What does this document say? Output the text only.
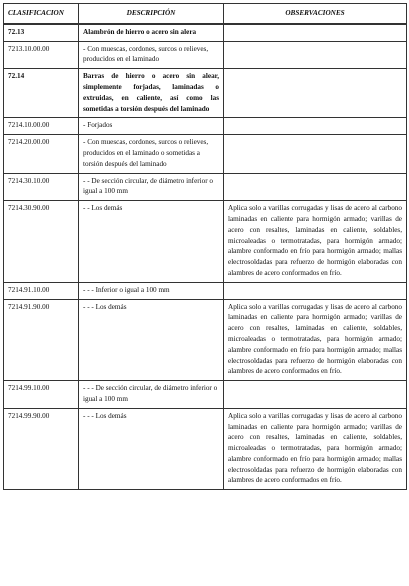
CLASIFICACION	DESCRIPCIÓN	OBSERVACIONES
72.13	Alambrón de hierro o acero sin alera	
7213.10.00.00	- Con muescas, cordones, surcos o relieves, producidos en el laminado	
72.14	Barras de hierro o acero sin alear, simplemente forjadas, laminadas o extruidas, en caliente, así como las sometidas a torsión después del laminado	
7214.10.00.00	- Forjados	
7214.20.00.00	- Con muescas, cordones, surcos o relieves, producidos en el laminado o sometidas a torsión después del laminado	
7214.30.10.00	- - De sección circular, de diámetro inferior o igual a 100 mm	
7214.30.90.00	- - Los demás	Aplica solo a varillas corrugadas y lisas de acero al carbono laminadas en caliente para hormigón armado; varillas de acero con resaltes, laminadas en caliente, soldables, microaleadas o termotratadas, para hormigón armado; alambre conformado en frío para hormigón armado; mallas electrosoldadas para refuerzo de hormigón elaboradas con alambres de acero conformados en frío.
7214.91.10.00	- - - Inferior o igual a 100 mm	
7214.91.90.00	- - - Los demás	Aplica solo a varillas corrugadas y lisas de acero al carbono laminadas en caliente para hormigón armado; varillas de acero con resaltes, laminadas en caliente, soldables, microaleadas o termotratadas, para hormigón armado; alambre conformado en frío para hormigón armado; mallas electrosoldadas para refuerzo de hormigón elaboradas con alambres de acero conformados en frío.
7214.99.10.00	- - - De sección circular, de diámetro inferior o igual a 100 mm	
7214.99.90.00	- - - Los demás	Aplica solo a varillas corrugadas y lisas de acero al carbono laminadas en caliente para hormigón armado; varillas de acero con resaltes, laminadas en caliente, soldables, microaleadas o termotratadas, para hormigón armado; alambre conformado en frío para hormigón armado; mallas electrosoldadas para refuerzo de hormigón elaboradas con alambres de acero conformados en frío.
